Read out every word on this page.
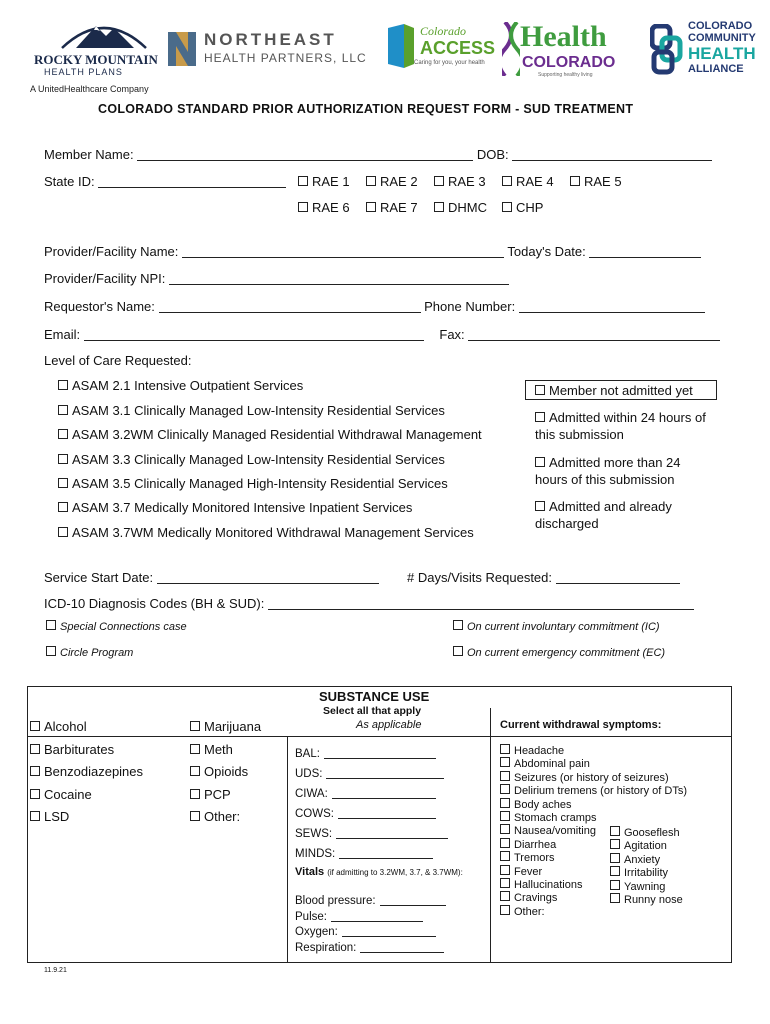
ROCKY MOUNTAIN
HEALTH PLANS
A UnitedHealthcare Company
NORTHEAST
HEALTH PARTNERS, LLC
Colorado
ACCESS
Caring for you, your health
Health
COLORADO
Supporting healthy living
COLORADO
COMMUNITY
HEALTH
ALLIANCE
COLORADO STANDARD PRIOR AUTHORIZATION REQUEST FORM - SUD TREATMENT
Member Name:	DOB:
State ID:	RAE 1	RAE 2	RAE 3	RAE 4	RAE 5
RAE 6	RAE 7	DHMC	CHP
Provider/Facility Name:	Today's Date:
Provider/Facility NPI:
Requestor's Name:	Phone Number:
Email:	Fax:
Level of Care Requested:
ASAM 2.1 Intensive Outpatient Services
ASAM 3.1 Clinically Managed Low-Intensity Residential Services
ASAM 3.2WM Clinically Managed Residential Withdrawal Management
ASAM 3.3 Clinically Managed Low-Intensity Residential Services
ASAM 3.5 Clinically Managed High-Intensity Residential Services
ASAM 3.7 Medically Monitored Intensive Inpatient Services
ASAM 3.7WM Medically Monitored Withdrawal Management Services
Member not admitted yet
Admitted within 24 hours of
this submission
Admitted more than 24
hours of this submission
Admitted and already
discharged
Service Start Date:	# Days/Visits Requested:
ICD-10 Diagnosis Codes (BH & SUD):
Special Connections case	On current involuntary commitment (IC)
Circle Program	On current emergency commitment (EC)
SUBSTANCE USE
Select all that apply
As applicable	Current withdrawal symptoms:
Alcohol
Barbiturates
Benzodiazepines
Cocaine
LSD
Marijuana
Meth
Opioids
PCP
Other:
BAL:
UDS:
CIWA:
COWS:
SEWS:
MINDS:
Vitals (if admitting to 3.2WM, 3.7, & 3.7WM):
Blood pressure:
Pulse:
Oxygen:
Respiration:
Headache
Abdominal pain
Seizures (or history of seizures)
Delirium tremens (or history of DTs)
Body aches
Stomach cramps
Nausea/vomiting
Diarrhea
Tremors
Fever
Hallucinations
Cravings
Other:
Gooseflesh
Agitation
Anxiety
Irritability
Yawning
Runny nose
11.9.21
